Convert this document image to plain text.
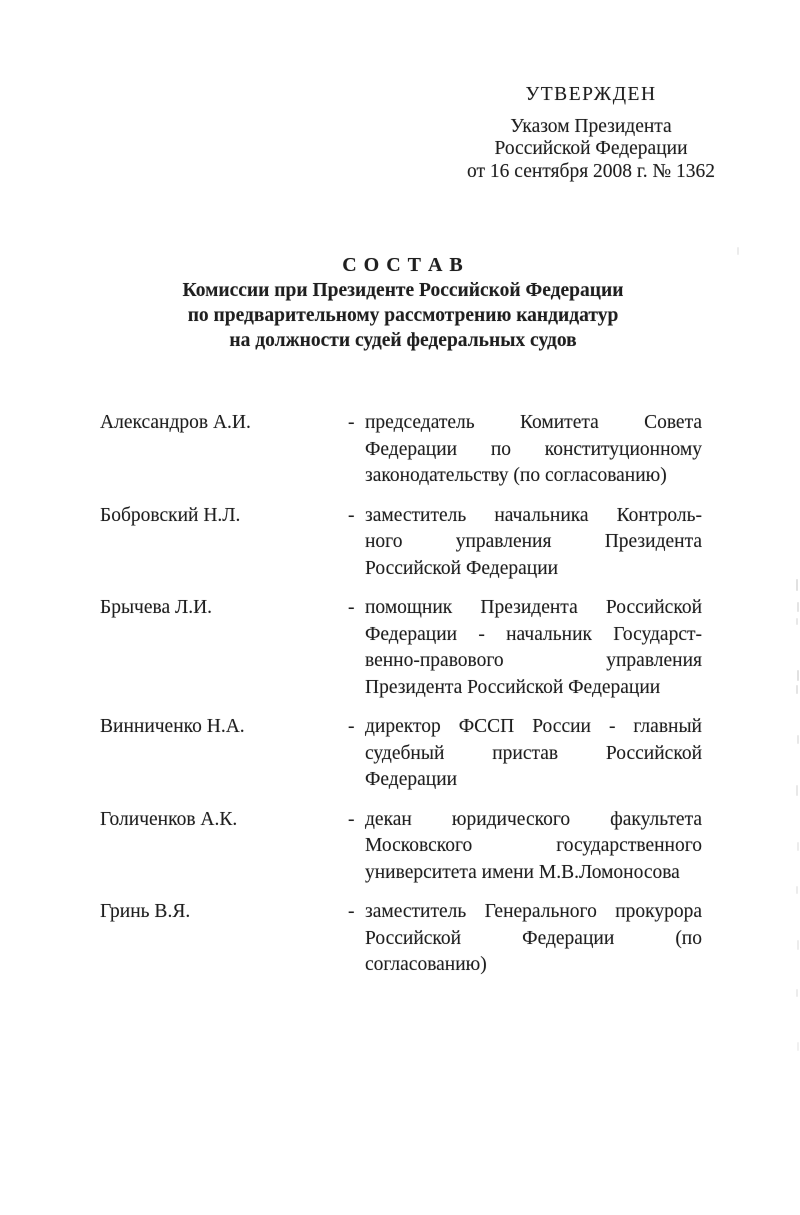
УТВЕРЖДЕН
Указом Президента
Российской Федерации
от 16 сентября 2008 г. № 1362
С О С Т А В
Комиссии при Президенте Российской Федерации
по предварительному рассмотрению кандидатур
на должности судей федеральных судов
Александров А.И.	- председатель Комитета Совета
Федерации по конституционному
законодательству (по согласованию)
Бобровский Н.Л.	- заместитель начальника Контроль-
ного управления Президента
Российской Федерации
Брычева Л.И.	- помощник Президента Российской
Федерации - начальник Государст-
венно-правового управления
Президента Российской Федерации
Винниченко Н.А.	- директор ФССП России - главный
судебный пристав Российской
Федерации
Голиченков А.К.	- декан юридического факультета
Московского государственного
университета имени М.В.Ломоносова
Гринь В.Я.	- заместитель Генерального прокурора
Российской Федерации (по
согласованию)
